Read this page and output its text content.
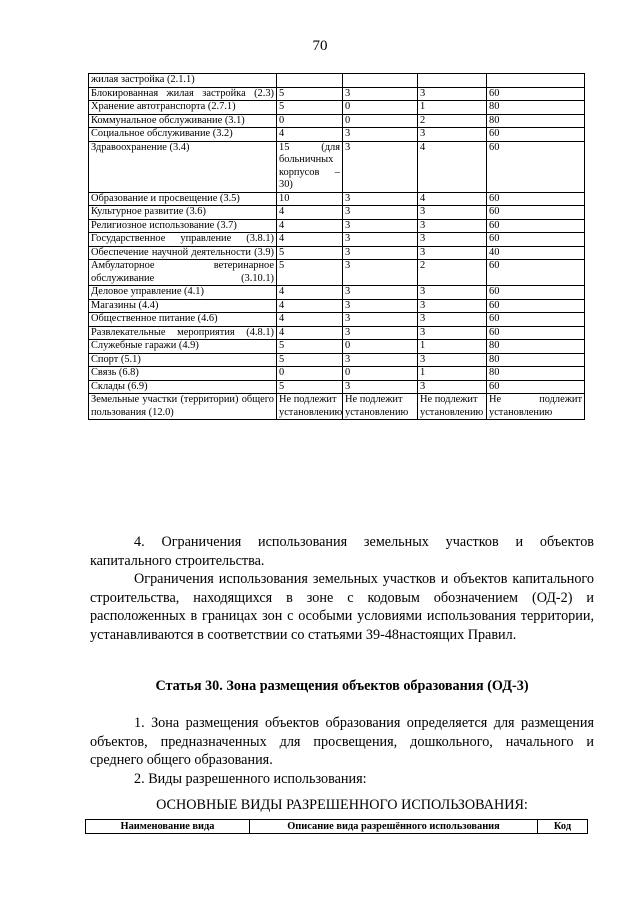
70
жилая застройка (2.1.1)				
Блокированная жилая застройка (2.3)	5	3	3	60
Хранение автотранспорта (2.7.1)	5	0	1	80
Коммунальное обслуживание (3.1)	0	0	2	80
Социальное обслуживание (3.2)	4	3	3	60
Здравоохранение (3.4)	15 (для больничных корпусов – 30)	3	4	60
Образование и просвещение (3.5)	10	3	4	60
Культурное развитие (3.6)	4	3	3	60
Религиозное использование (3.7)	4	3	3	60
Государственное управление (3.8.1)	4	3	3	60
Обеспечение научной деятельности (3.9)	5	3	3	40
Амбулаторное ветеринарное обслуживание (3.10.1)	5	3	2	60
Деловое управление (4.1)	4	3	3	60
Магазины (4.4)	4	3	3	60
Общественное питание (4.6)	4	3	3	60
Развлекательные мероприятия (4.8.1)	4	3	3	60
Служебные гаражи (4.9)	5	0	1	80
Спорт (5.1)	5	3	3	80
Связь (6.8)	0	0	1	80
Склады (6.9)	5	3	3	60
Земельные участки (территории) общего пользования (12.0)	Не подлежит установлению	Не подлежит установлению	Не подлежит установлению	Не подлежит установлению

4. Ограничения использования земельных участков и объектов капитального строительства.

Ограничения использования земельных участков и объектов капитального строительства, находящихся в зоне с кодовым обозначением (ОД-2) и расположенных в границах зон с особыми условиями использования территории, устанавливаются в соответствии со статьями 39-48настоящих Правил.

Статья 30. Зона размещения объектов образования (ОД-3)

1. Зона размещения объектов образования определяется для размещения объектов, предназначенных для просвещения, дошкольного, начального и среднего общего образования.

2. Виды разрешенного использования:

ОСНОВНЫЕ ВИДЫ РАЗРЕШЕННОГО ИСПОЛЬЗОВАНИЯ:
Наименование вида	Описание вида разрешённого использования	Код
